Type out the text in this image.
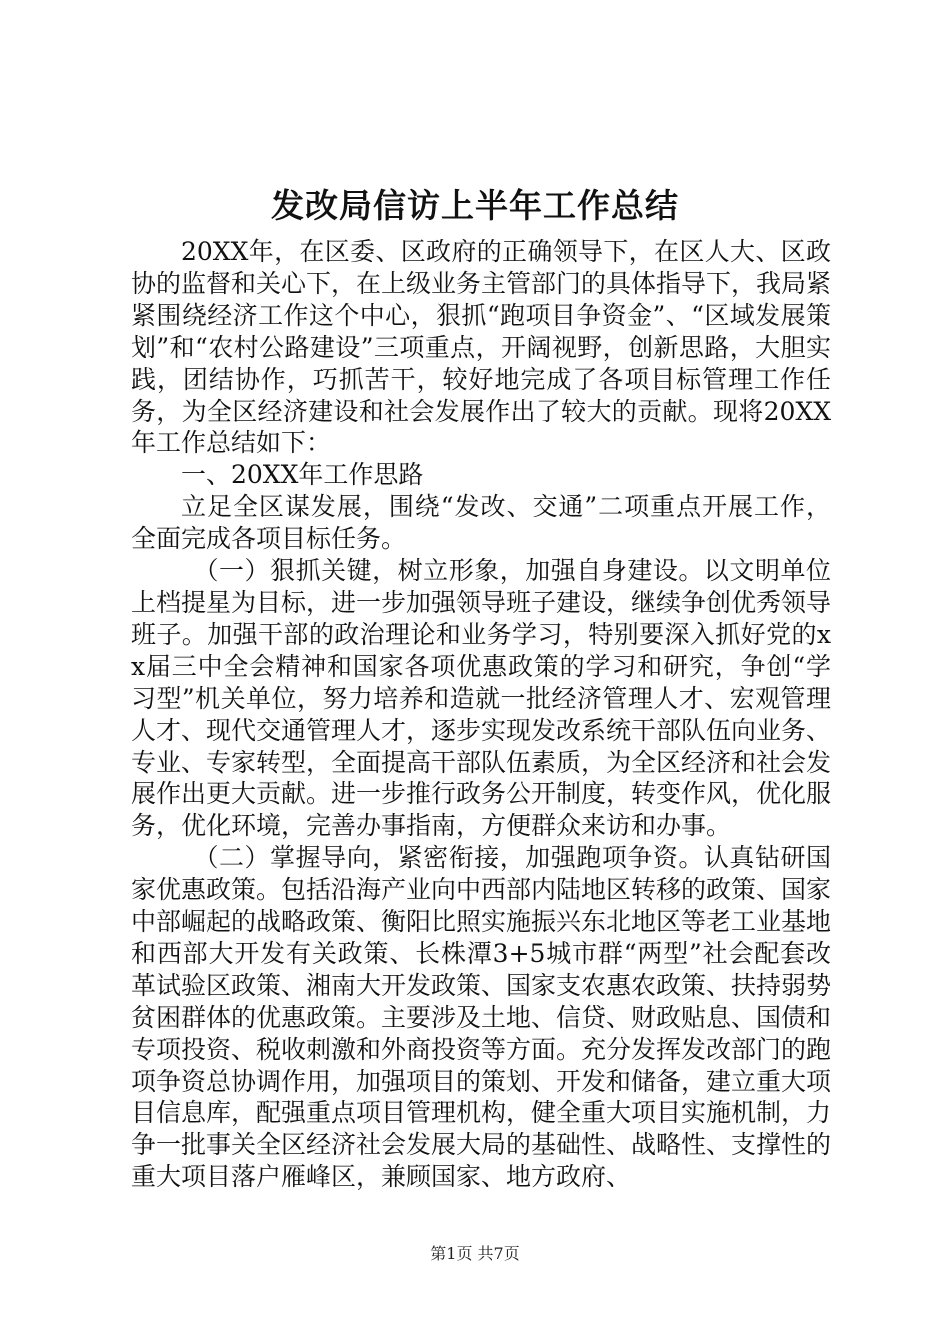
发改局信访上半年工作总结

20XX年，在区委、区政府的正确领导下，在区人大、区政协的监督和关心下，在上级业务主管部门的具体指导下，我局紧紧围绕经济工作这个中心，狠抓“跑项目争资金”、“区域发展策划”和“农村公路建设”三项重点，开阔视野，创新思路，大胆实践，团结协作，巧抓苦干，较好地完成了各项目标管理工作任务，为全区经济建设和社会发展作出了较大的贡献。现将20XX年工作总结如下：

一、20XX年工作思路

立足全区谋发展，围绕“发改、交通”二项重点开展工作，全面完成各项目标任务。

（一）狠抓关键，树立形象，加强自身建设。以文明单位上档提星为目标，进一步加强领导班子建设，继续争创优秀领导班子。加强干部的政治理论和业务学习，特别要深入抓好党的xx届三中全会精神和国家各项优惠政策的学习和研究，争创“学习型”机关单位，努力培养和造就一批经济管理人才、宏观管理人才、现代交通管理人才，逐步实现发改系统干部队伍向业务、专业、专家转型，全面提高干部队伍素质，为全区经济和社会发展作出更大贡献。进一步推行政务公开制度，转变作风，优化服务，优化环境，完善办事指南，方便群众来访和办事。

（二）掌握导向，紧密衔接，加强跑项争资。认真钻研国家优惠政策。包括沿海产业向中西部内陆地区转移的政策、国家中部崛起的战略政策、衡阳比照实施振兴东北地区等老工业基地和西部大开发有关政策、长株潭3+5城市群“两型”社会配套改革试验区政策、湘南大开发政策、国家支农惠农政策、扶持弱势贫困群体的优惠政策。主要涉及土地、信贷、财政贴息、国债和专项投资、税收刺激和外商投资等方面。充分发挥发改部门的跑项争资总协调作用，加强项目的策划、开发和储备，建立重大项目信息库，配强重点项目管理机构，健全重大项目实施机制，力争一批事关全区经济社会发展大局的基础性、战略性、支撑性的重大项目落户雁峰区，兼顾国家、地方政府、

第1页 共7页
